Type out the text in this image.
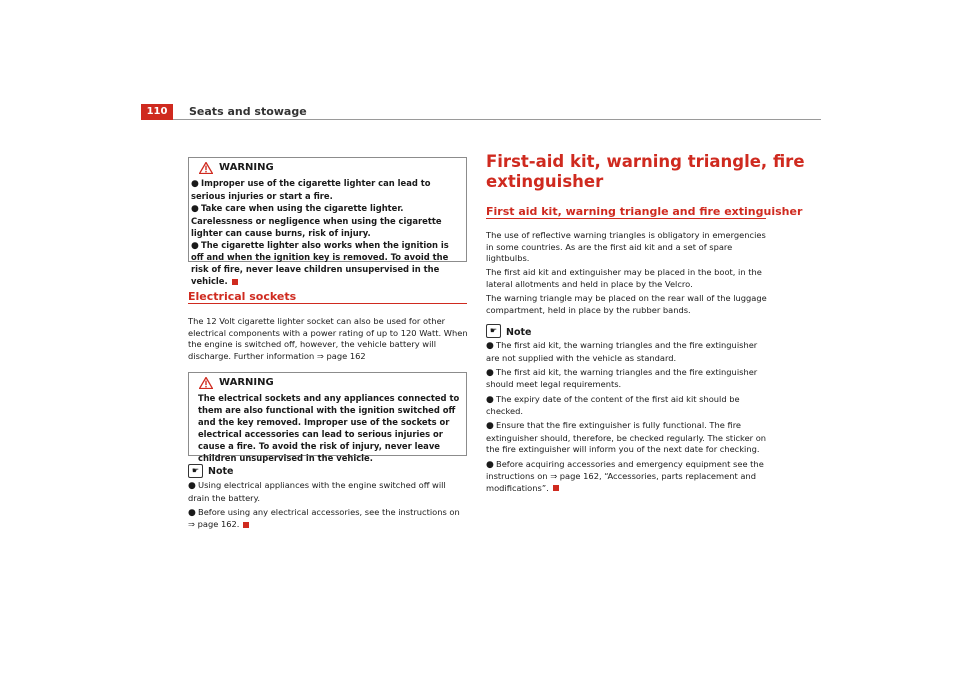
110	Seats and stowage
WARNING

● Improper use of the cigarette lighter can lead to serious injuries or start a fire.

● Take care when using the cigarette lighter. Carelessness or negligence when using the cigarette lighter can cause burns, risk of injury.

● The cigarette lighter also works when the ignition is off and when the ignition key is removed. To avoid the risk of fire, never leave children unsupervised in the vehicle.

Electrical sockets

The 12 Volt cigarette lighter socket can also be used for other electrical components with a power rating of up to 120 Watt. When the engine is switched off, however, the vehicle battery will discharge. Further information ⇒ page 162

WARNING

The electrical sockets and any appliances connected to them are also functional with the ignition switched off and the key removed. Improper use of the sockets or electrical accessories can lead to serious injuries or cause a fire. To avoid the risk of injury, never leave children unsupervised in the vehicle.

☛ Note

● Using electrical appliances with the engine switched off will drain the battery.

● Before using any electrical accessories, see the instructions on ⇒ page 162.

First-aid kit, warning triangle, fire extinguisher
First aid kit, warning triangle and fire extinguisher

The use of reflective warning triangles is obligatory in emergencies in some countries. As are the first aid kit and a set of spare lightbulbs.

The first aid kit and extinguisher may be placed in the boot, in the lateral allotments and held in place by the Velcro.

The warning triangle may be placed on the rear wall of the luggage compartment, held in place by the rubber bands.

☛ Note

● The first aid kit, the warning triangles and the fire extinguisher are not supplied with the vehicle as standard.

● The first aid kit, the warning triangles and the fire extinguisher should meet legal requirements.

● The expiry date of the content of the first aid kit should be checked.

● Ensure that the fire extinguisher is fully functional. The fire extinguisher should, therefore, be checked regularly. The sticker on the fire extinguisher will inform you of the next date for checking.

● Before acquiring accessories and emergency equipment see the instructions on ⇒ page 162, “Accessories, parts replacement and modifications”.
